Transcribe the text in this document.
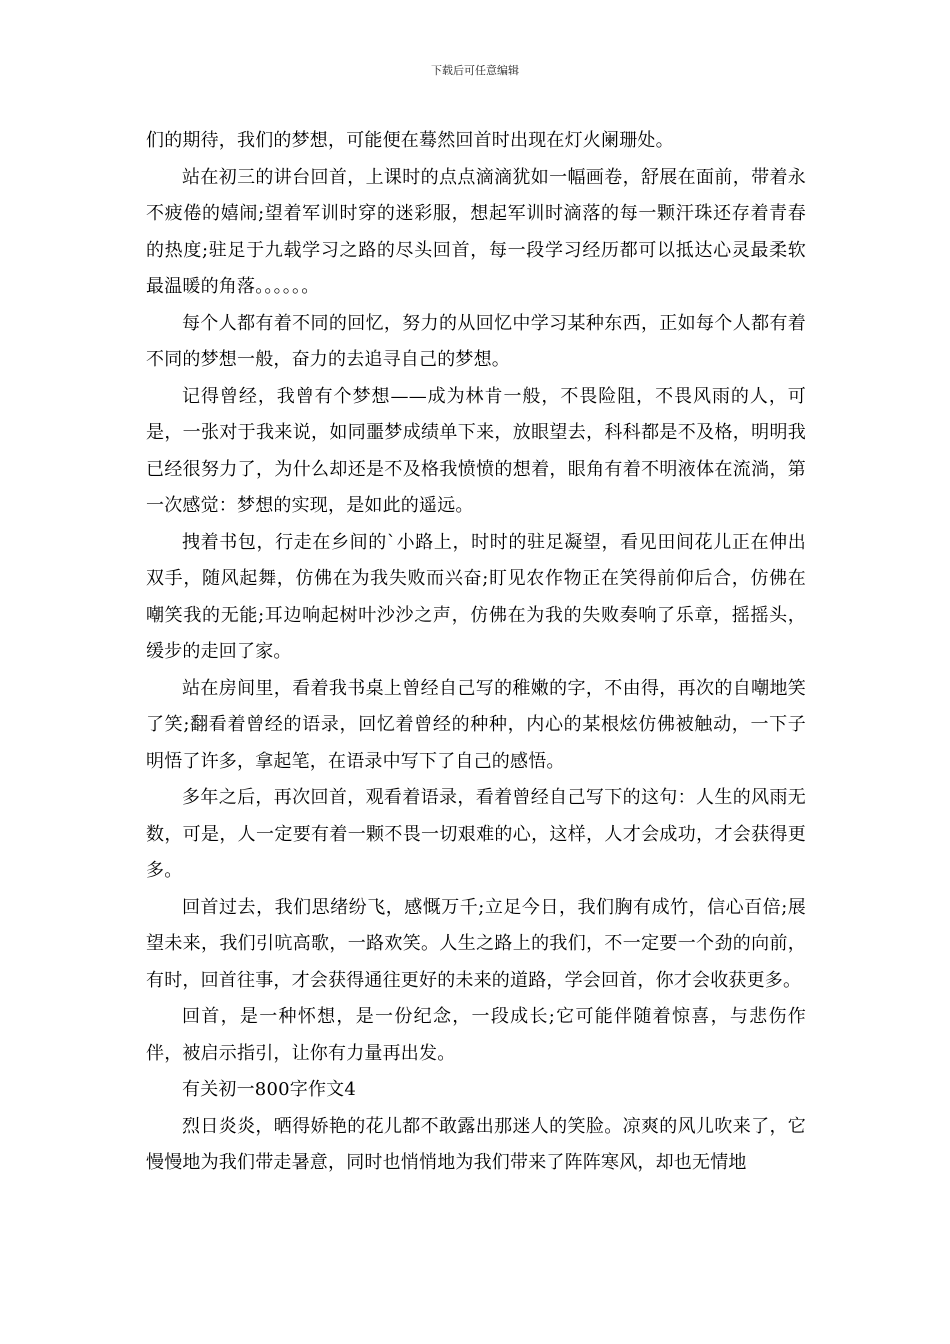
下载后可任意编辑

们的期待，我们的梦想，可能便在蓦然回首时出现在灯火阑珊处。

站在初三的讲台回首，上课时的点点滴滴犹如一幅画卷，舒展在面前，带着永不疲倦的嬉闹;望着军训时穿的迷彩服，想起军训时滴落的每一颗汗珠还存着青春的热度;驻足于九载学习之路的尽头回首，每一段学习经历都可以抵达心灵最柔软最温暖的角落。。。。。。

每个人都有着不同的回忆，努力的从回忆中学习某种东西，正如每个人都有着不同的梦想一般，奋力的去追寻自己的梦想。

记得曾经，我曾有个梦想——成为林肯一般，不畏险阻，不畏风雨的人，可是，一张对于我来说，如同噩梦成绩单下来，放眼望去，科科都是不及格，明明我已经很努力了，为什么却还是不及格我愤愤的想着，眼角有着不明液体在流淌，第一次感觉：梦想的实现，是如此的遥远。

拽着书包，行走在乡间的`小路上，时时的驻足凝望，看见田间花儿正在伸出双手，随风起舞，仿佛在为我失败而兴奋;盯见农作物正在笑得前仰后合，仿佛在嘲笑我的无能;耳边响起树叶沙沙之声，仿佛在为我的失败奏响了乐章，摇摇头，缓步的走回了家。

站在房间里，看着我书桌上曾经自己写的稚嫩的字，不由得，再次的自嘲地笑了笑;翻看着曾经的语录，回忆着曾经的种种，内心的某根炫仿佛被触动，一下子明悟了许多，拿起笔，在语录中写下了自己的感悟。

多年之后，再次回首，观看着语录，看着曾经自己写下的这句：人生的风雨无数，可是，人一定要有着一颗不畏一切艰难的心，这样，人才会成功，才会获得更多。

回首过去，我们思绪纷飞，感慨万千;立足今日，我们胸有成竹，信心百倍;展望未来，我们引吭高歌，一路欢笑。人生之路上的我们，不一定要一个劲的向前，有时，回首往事，才会获得通往更好的未来的道路，学会回首，你才会收获更多。

回首，是一种怀想，是一份纪念，一段成长;它可能伴随着惊喜，与悲伤作伴，被启示指引，让你有力量再出发。

有关初一800字作文4

烈日炎炎，晒得娇艳的花儿都不敢露出那迷人的笑脸。凉爽的风儿吹来了，它慢慢地为我们带走暑意，同时也悄悄地为我们带来了阵阵寒风，却也无情地
